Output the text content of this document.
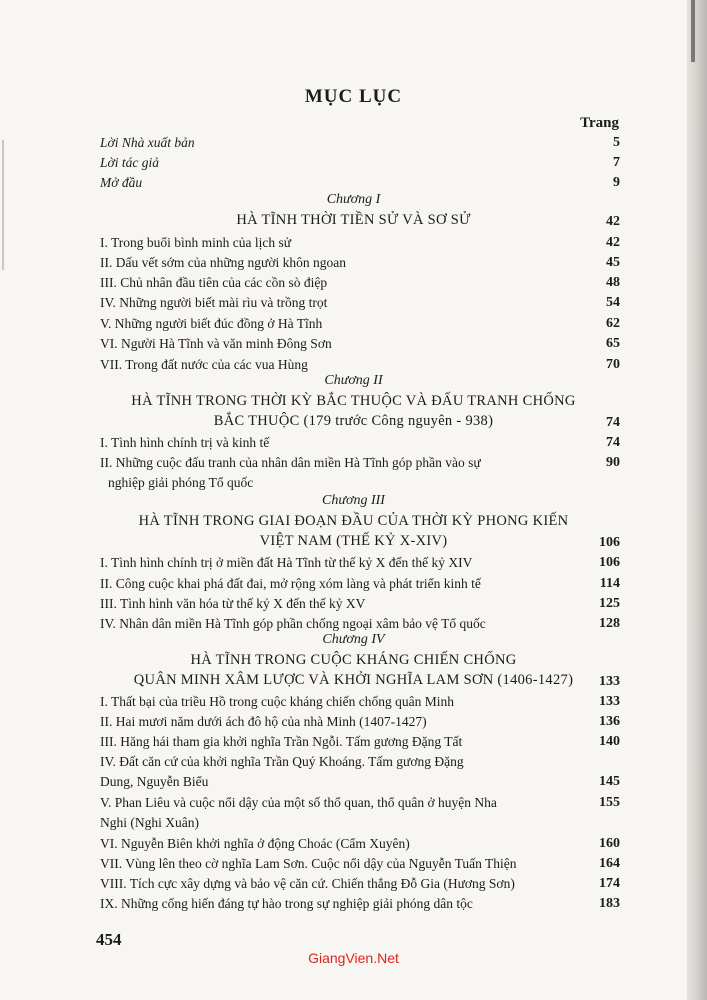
MỤC LỤC
Trang
Lời Nhà xuất bản	5
Lời tác giả	7
Mở đầu	9
Chương I
HÀ TĨNH THỜI TIỀN SỬ VÀ SƠ SỬ	42
I. Trong buổi bình minh của lịch sử	42
II. Dấu vết sớm của những người khôn ngoan	45
III. Chủ nhân đầu tiên của các cồn sò điệp	48
IV. Những người biết mài rìu và trồng trọt	54
V. Những người biết đúc đồng ở Hà Tĩnh	62
VI. Người Hà Tĩnh và văn minh Đông Sơn	65
VII. Trong đất nước của các vua Hùng	70
Chương II
HÀ TĨNH TRONG THỜI KỲ BẮC THUỘC VÀ ĐẤU TRANH CHỐNG
BẮC THUỘC (179 trước Công nguyên - 938)	74
I. Tình hình chính trị và kinh tế	74
II. Những cuộc đấu tranh của nhân dân miền Hà Tĩnh góp phần vào sự	90
nghiệp giải phóng Tổ quốc
Chương III
HÀ TĨNH TRONG GIAI ĐOẠN ĐẦU CỦA THỜI KỲ PHONG KIẾN
VIỆT NAM (THẾ KỶ X-XIV)	106
I. Tình hình chính trị ở miền đất Hà Tĩnh từ thế kỷ X đến thế kỷ XIV	106
II. Công cuộc khai phá đất đai, mở rộng xóm làng và phát triển kinh tế	114
III. Tình hình văn hóa từ thế kỷ X đến thế kỷ XV	125
IV. Nhân dân miền Hà Tĩnh góp phần chống ngoại xâm bảo vệ Tổ quốc	128
Chương IV
HÀ TĨNH TRONG CUỘC KHÁNG CHIẾN CHỐNG
QUÂN MINH XÂM LƯỢC VÀ KHỞI NGHĨA LAM SƠN (1406-1427)	133
I. Thất bại của triều Hồ trong cuộc kháng chiến chống quân Minh	133
II. Hai mươi năm dưới ách đô hộ của nhà Minh (1407-1427)	136
III. Hăng hái tham gia khởi nghĩa Trần Ngỗi. Tấm gương Đặng Tất	140
IV. Đất căn cứ của khởi nghĩa Trần Quý Khoáng. Tấm gương Đặng
Dung, Nguyễn Biểu	145
V. Phan Liêu và cuộc nổi dậy của một số thổ quan, thổ quân ở huyện Nha	155
Nghi (Nghi Xuân)
VI. Nguyễn Biên khởi nghĩa ở động Choác (Cẩm Xuyên)	160
VII. Vùng lên theo cờ nghĩa Lam Sơn. Cuộc nổi dậy của Nguyễn Tuấn Thiện	164
VIII. Tích cực xây dựng và bảo vệ căn cứ. Chiến thắng Đỗ Gia (Hương Sơn)	174
IX. Những cống hiến đáng tự hào trong sự nghiệp giải phóng dân tộc	183
454
GiangVien.Net
